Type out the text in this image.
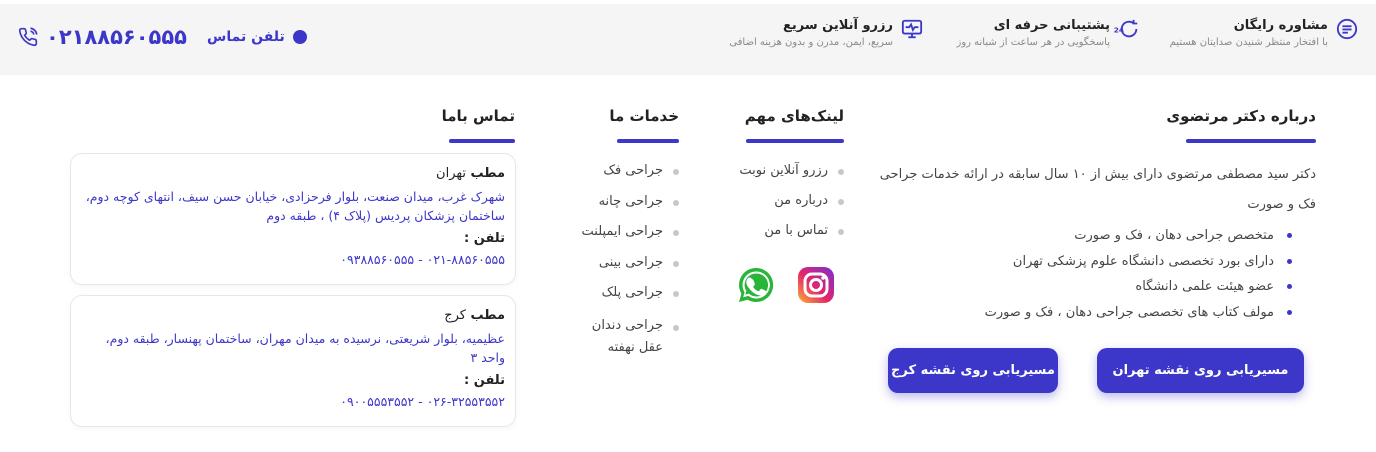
مشاوره رایگان
با افتخار منتظر شنیدن صدایتان هستیم
24
پشتیبانی حرفه ای
پاسخگویی در هر ساعت از شبانه روز
رزرو آنلاین سریع
سریع، ایمن، مدرن و بدون هزینه اضافی
۰۲۱۸۸۵۶۰۵۵۵ تلفن تماس
درباره دکتر مرتضوی
دکتر سید مصطفی مرتضوی دارای بیش از ۱۰ سال سابقه در ارائه خدمات جراحی فک و صورت
متخصص جراحی دهان ، فک و صورت
دارای بورد تخصصی دانشگاه علوم پزشکی تهران
عضو هیئت علمی دانشگاه
مولف کتاب های تخصصی جراحی دهان ، فک و صورت
مسیریابی روی نقشه تهران
مسیریابی روی نقشه کرج
لینک‌های مهم
رزرو آنلاین نوبت
درباره من
تماس با من
خدمات ما
جراحی فک
جراحی چانه
جراحی ایمپلنت
جراحی بینی
جراحی پلک
جراحی دندان عقل نهفته
تماس باما
مطب تهران
شهرک غرب، میدان صنعت، بلوار فرحزادی، خیابان حسن سیف، انتهای کوچه دوم، ساختمان پزشکان پردیس (پلاک ۴) ، طبقه دوم
تلفن :
۰۲۱-۸۸۵۶۰۵۵۵ - ۰۹۳۸۸۵۶۰۵۵۵
مطب کرج
عظیمیه، بلوار شریعتی، نرسیده به میدان مهران، ساختمان پهنسار، طبقه دوم، واحد ۳
تلفن :
۰۲۶-۳۲۵۵۳۵۵۲ - ۰۹۰۰۵۵۵۳۵۵۲
